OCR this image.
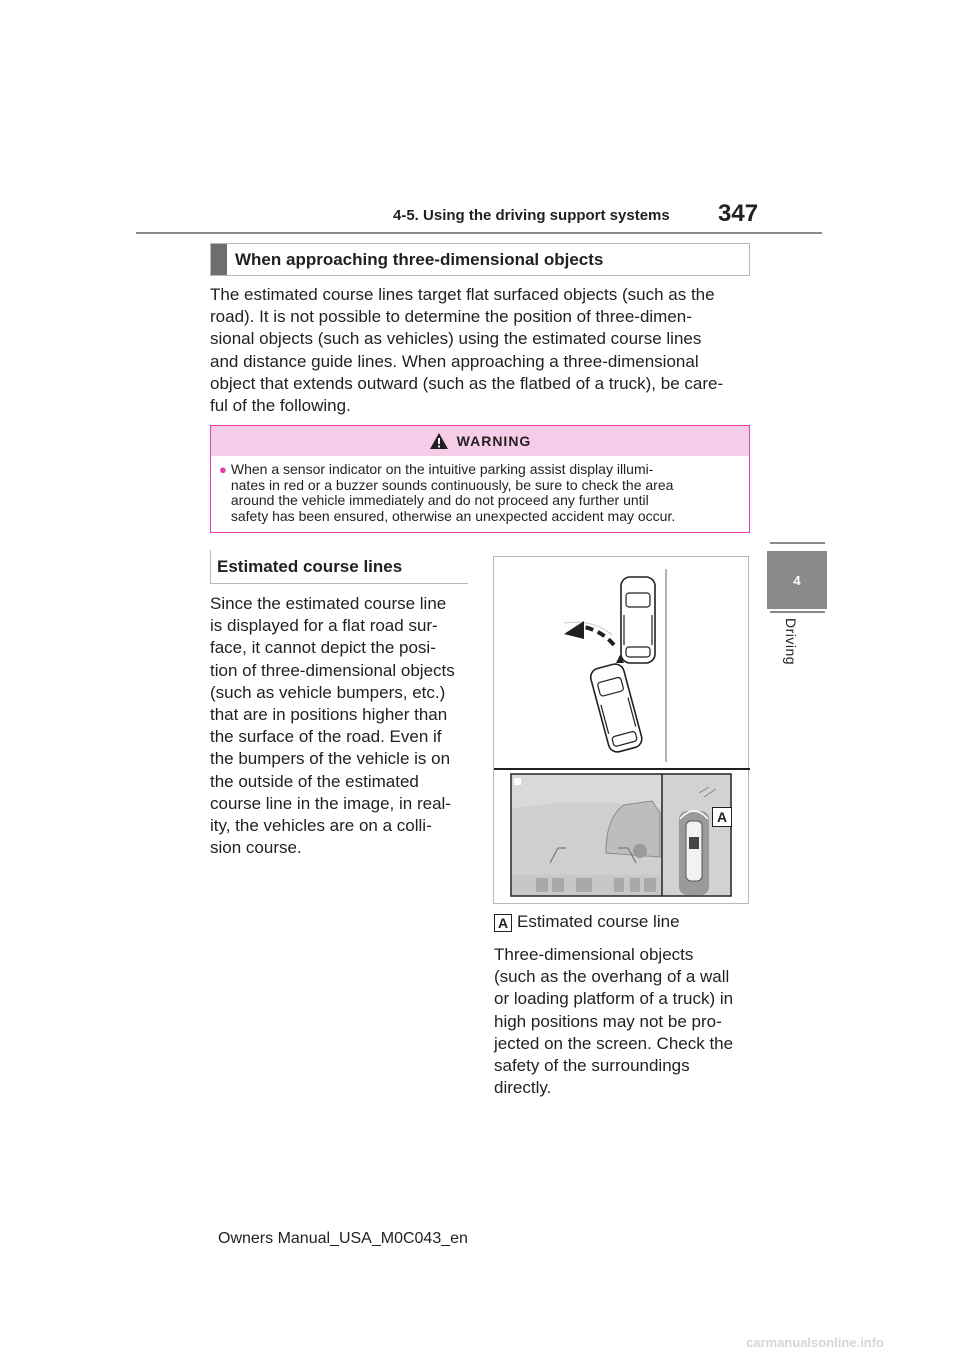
4-5. Using the driving support systems 347
4
Driving
When approaching three-dimensional objects
The estimated course lines target flat surfaced objects (such as the
road). It is not possible to determine the position of three-dimen-
sional objects (such as vehicles) using the estimated course lines
and distance guide lines. When approaching a three-dimensional
object that extends outward (such as the flatbed of a truck), be care-
ful of the following.
WARNING
● When a sensor indicator on the intuitive parking assist display illumi-
nates in red or a buzzer sounds continuously, be sure to check the area
around the vehicle immediately and do not proceed any further until
safety has been ensured, otherwise an unexpected accident may occur.
Estimated course lines
Since the estimated course line
is displayed for a flat road sur-
face, it cannot depict the posi-
tion of three-dimensional objects
(such as vehicle bumpers, etc.)
that are in positions higher than
the surface of the road. Even if
the bumpers of the vehicle is on
the outside of the estimated
course line in the image, in real-
ity, the vehicles are on a colli-
sion course.
A
A Estimated course line
Three-dimensional objects
(such as the overhang of a wall
or loading platform of a truck) in
high positions may not be pro-
jected on the screen. Check the
safety of the surroundings
directly.
Owners Manual_USA_M0C043_en
carmanualsonline.info
